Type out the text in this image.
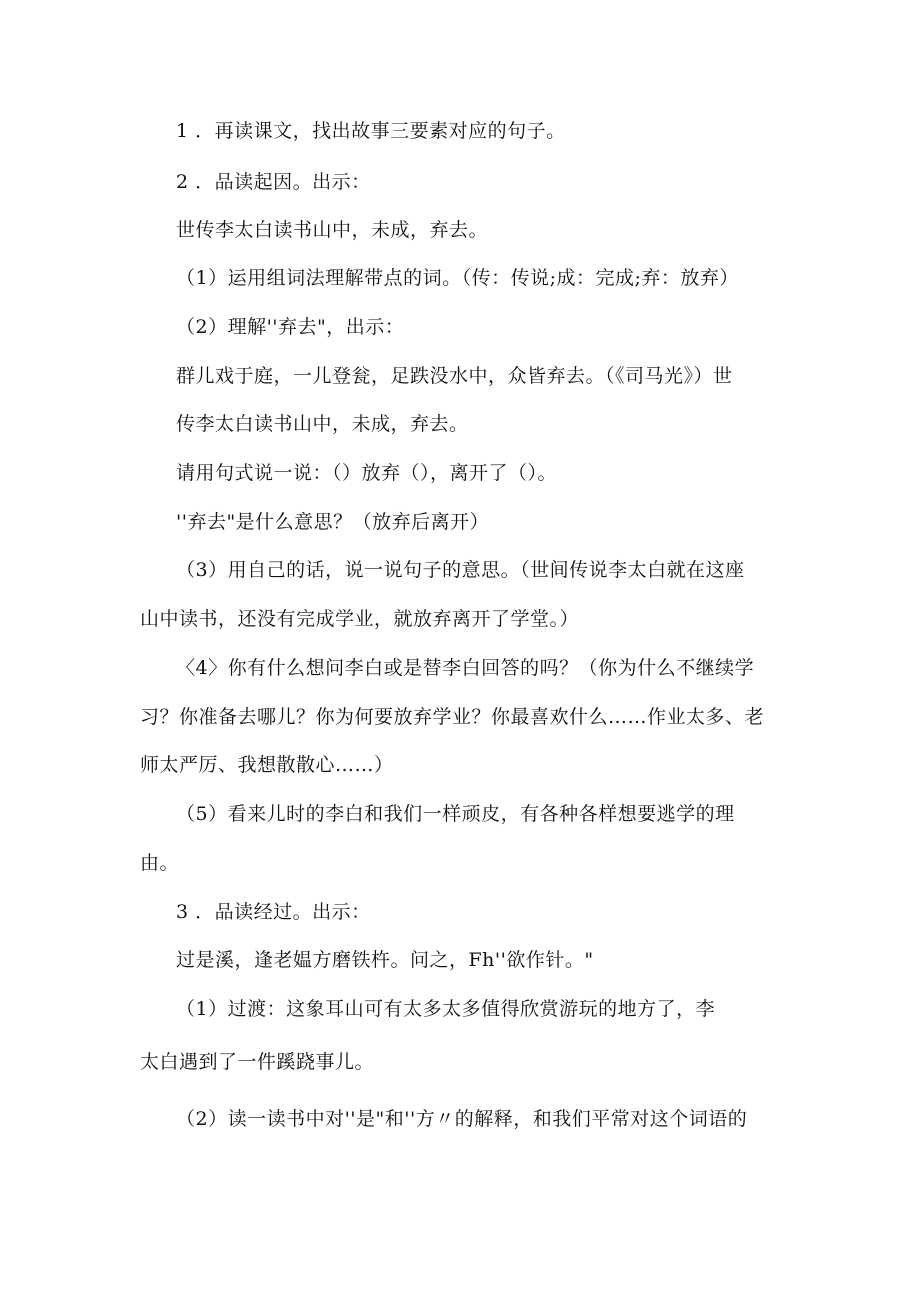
1 ．再读课文，找出故事三要素对应的句子。
2 ．品读起因。出示：
世传李太白读书山中，未成，弃去。
（1）运用组词法理解带点的词。（传：传说;成：完成;弃：放弃）
（2）理解''弃去"，出示：
群儿戏于庭，一儿登瓮，足跌没水中，众皆弃去。（《司马光》）世
传李太白读书山中，未成，弃去。
请用句式说一说：（）放弃（），离开了（）。
''弃去"是什么意思？（放弃后离开）
（3）用自己的话，说一说句子的意思。（世间传说李太白就在这座
山中读书，还没有完成学业，就放弃离开了学堂。）
〈4〉你有什么想问李白或是替李白回答的吗？（你为什么不继续学
习？你准备去哪儿？你为何要放弃学业？你最喜欢什么……作业太多、老
师太严厉、我想散散心……）
（5）看来儿时的李白和我们一样顽皮，有各种各样想要逃学的理
由。
3 ．品读经过。出示：
过是溪，逢老媪方磨铁杵。问之，Fh''欲作针。"
（1）过渡：这象耳山可有太多太多值得欣赏游玩的地方了，李
太白遇到了一件蹊跷事儿。
（2）读一读书中对''是"和''方〃的解释，和我们平常对这个词语的
